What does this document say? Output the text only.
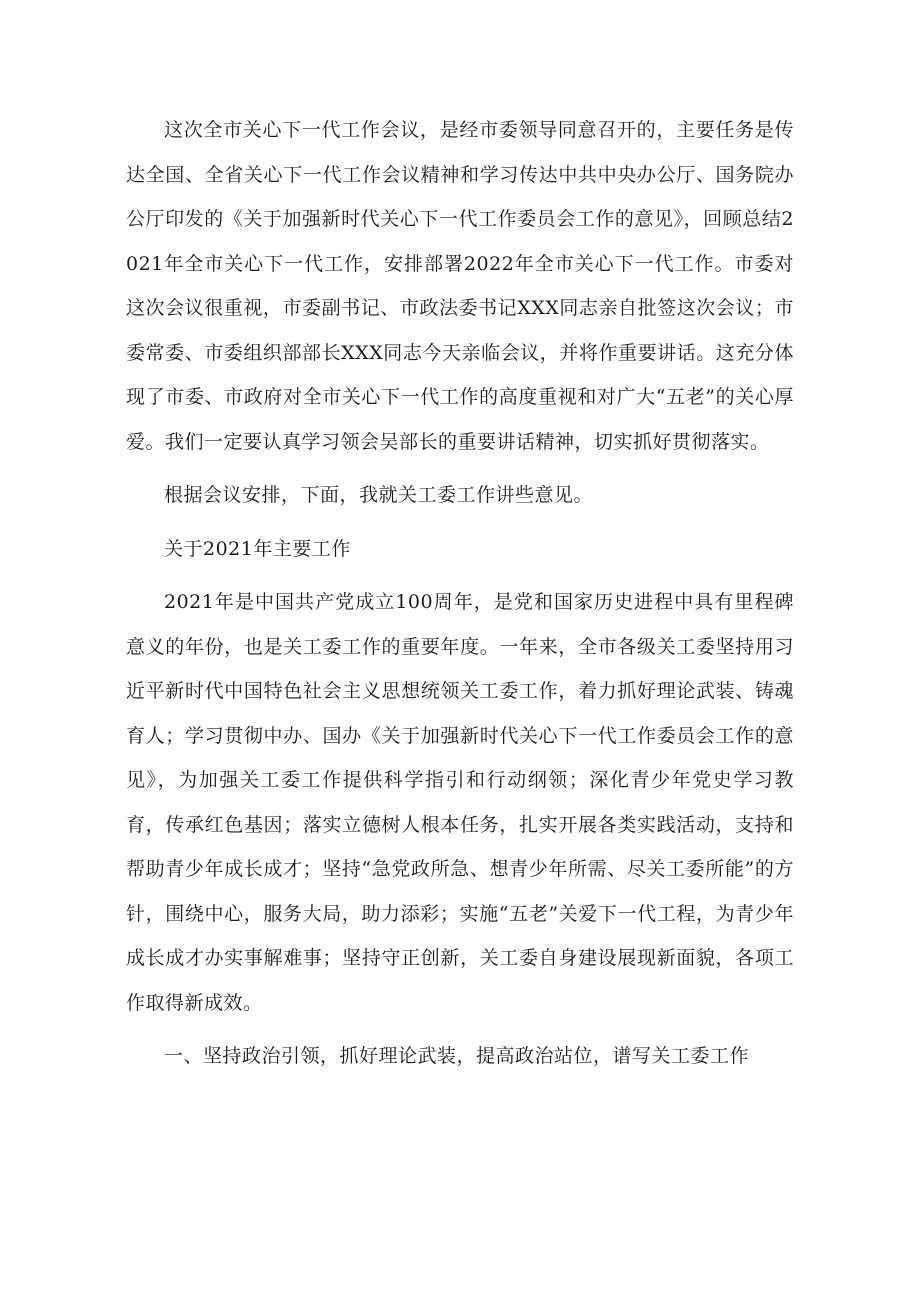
这次全市关心下一代工作会议，是经市委领导同意召开的，主要任务是传达全国、全省关心下一代工作会议精神和学习传达中共中央办公厅、国务院办公厅印发的《关于加强新时代关心下一代工作委员会工作的意见》，回顾总结2021年全市关心下一代工作，安排部署2022年全市关心下一代工作。市委对这次会议很重视，市委副书记、市政法委书记XXX同志亲自批签这次会议；市委常委、市委组织部部长XXX同志今天亲临会议，并将作重要讲话。这充分体现了市委、市政府对全市关心下一代工作的高度重视和对广大“五老”的关心厚爱。我们一定要认真学习领会吴部长的重要讲话精神，切实抓好贯彻落实。

根据会议安排，下面，我就关工委工作讲些意见。

关于2021年主要工作

2021年是中国共产党成立100周年，是党和国家历史进程中具有里程碑意义的年份，也是关工委工作的重要年度。一年来，全市各级关工委坚持用习近平新时代中国特色社会主义思想统领关工委工作，着力抓好理论武装、铸魂育人；学习贯彻中办、国办《关于加强新时代关心下一代工作委员会工作的意见》，为加强关工委工作提供科学指引和行动纲领；深化青少年党史学习教育，传承红色基因；落实立德树人根本任务，扎实开展各类实践活动，支持和帮助青少年成长成才；坚持“急党政所急、想青少年所需、尽关工委所能”的方针，围绕中心，服务大局，助力添彩；实施“五老”关爱下一代工程，为青少年成长成才办实事解难事；坚持守正创新，关工委自身建设展现新面貌，各项工作取得新成效。

一、坚持政治引领，抓好理论武装，提高政治站位，谱写关工委工作
